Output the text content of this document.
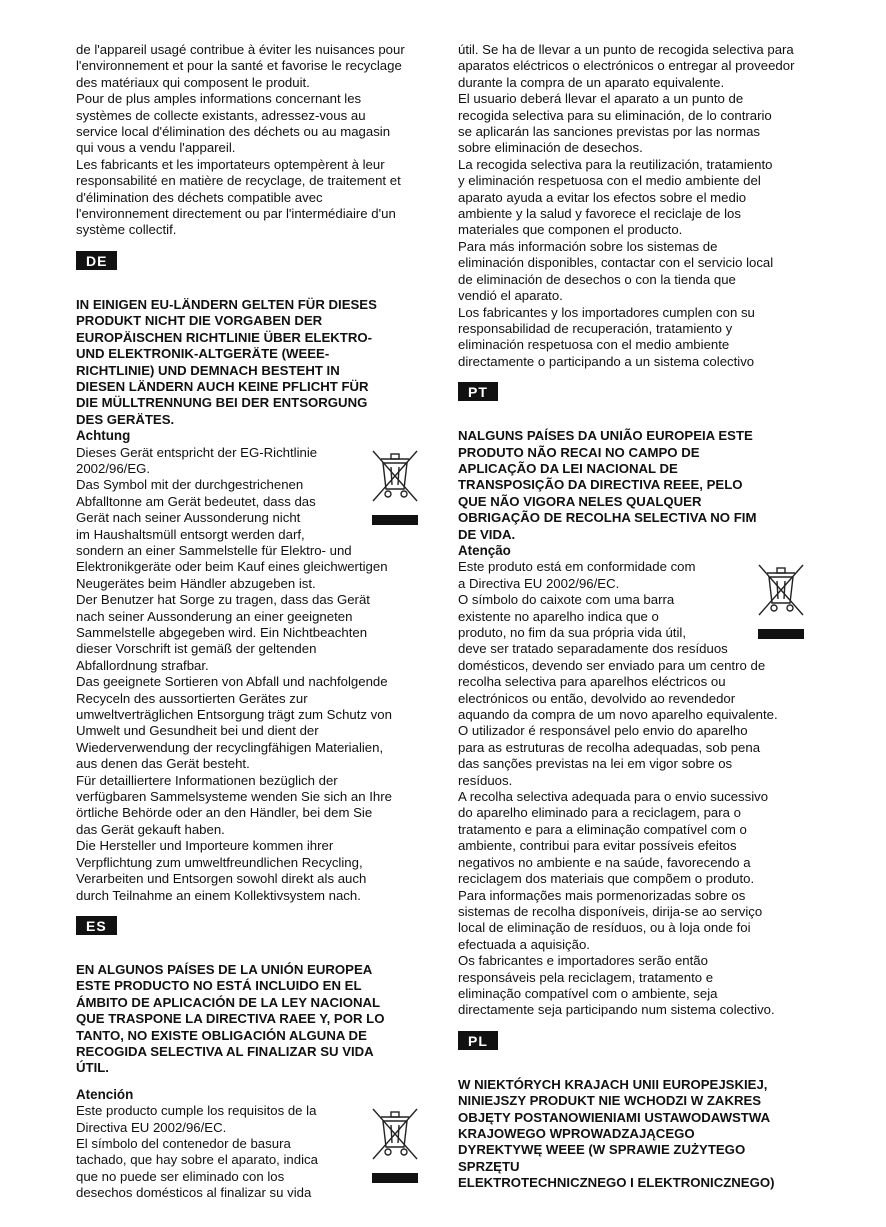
de l'appareil usagé contribue à éviter les nuisances pour

l'environnement et pour la santé et favorise le recyclage

des matériaux qui composent le produit.

Pour de plus amples informations concernant les

systèmes de collecte existants, adressez-vous au

service local d'élimination des déchets ou au magasin

qui vous a vendu l'appareil.

Les fabricants et les importateurs optempèrent à leur

responsabilité en matière de recyclage, de traitement et

d'élimination des déchets compatible avec

l'environnement directement ou par l'intermédiaire d'un

système collectif.

DE

IN EINIGEN EU-LÄNDERN GELTEN FÜR DIESES

PRODUKT NICHT DIE VORGABEN DER

EUROPÄISCHEN RICHTLINIE ÜBER ELEKTRO-

UND ELEKTRONIK-ALTGERÄTE (WEEE-

RICHTLINIE) UND DEMNACH BESTEHT IN

DIESEN LÄNDERN AUCH KEINE PFLICHT FÜR

DIE MÜLLTRENNUNG BEI DER ENTSORGUNG

DES GERÄTES.

Achtung

Dieses Gerät entspricht der EG-Richtlinie

2002/96/EG.

Das Symbol mit der durchgestrichenen

Abfalltonne am Gerät bedeutet, dass das

Gerät nach seiner Aussonderung nicht

im Haushaltsmüll entsorgt werden darf,

sondern an einer Sammelstelle für Elektro- und

Elektronikgeräte oder beim Kauf eines gleichwertigen

Neugerätes beim Händler abzugeben ist.

Der Benutzer hat Sorge zu tragen, dass das Gerät

nach seiner Aussonderung an einer geeigneten

Sammelstelle abgegeben wird. Ein Nichtbeachten

dieser Vorschrift ist gemäß der geltenden

Abfallordnung strafbar.

Das geeignete Sortieren von Abfall und nachfolgende

Recyceln des aussortierten Gerätes zur

umweltverträglichen Entsorgung trägt zum Schutz von

Umwelt und Gesundheit bei und dient der

Wiederverwendung der recyclingfähigen Materialien,

aus denen das Gerät besteht.

Für detailliertere Informationen bezüglich der

verfügbaren Sammelsysteme wenden Sie sich an Ihre

örtliche Behörde oder an den Händler, bei dem Sie

das Gerät gekauft haben.

Die Hersteller und Importeure kommen ihrer

Verpflichtung zum umweltfreundlichen Recycling,

Verarbeiten und Entsorgen sowohl direkt als auch

durch Teilnahme an einem Kollektivsystem nach.

ES

EN ALGUNOS PAÍSES DE LA UNIÓN EUROPEA

ESTE PRODUCTO NO ESTÁ INCLUIDO EN EL

ÁMBITO DE APLICACIÓN DE LA LEY NACIONAL

QUE TRASPONE LA DIRECTIVA RAEE Y, POR LO

TANTO, NO EXISTE OBLIGACIÓN ALGUNA DE

RECOGIDA SELECTIVA AL FINALIZAR SU VIDA

ÚTIL.

Atención

Este producto cumple los requisitos de la

Directiva EU 2002/96/EC.

El símbolo del contenedor de basura

tachado, que hay sobre el aparato, indica

que no puede ser eliminado con los

desechos domésticos al finalizar su vida

útil. Se ha de llevar a un punto de recogida selectiva para

aparatos eléctricos o electrónicos o entregar al proveedor

durante la compra de un aparato equivalente.

El usuario deberá llevar el aparato a un punto de

recogida selectiva para su eliminación, de lo contrario

se aplicarán las sanciones previstas por las normas

sobre eliminación de desechos.

La recogida selectiva para la reutilización, tratamiento

y eliminación respetuosa con el medio ambiente del

aparato ayuda a evitar los efectos sobre el medio

ambiente y la salud y favorece el reciclaje de los

materiales que componen el producto.

Para más información sobre los sistemas de

eliminación disponibles, contactar con el servicio local

de eliminación de desechos o con la tienda que

vendió el aparato.

Los fabricantes y los importadores cumplen con su

responsabilidad de recuperación, tratamiento y

eliminación respetuosa con el medio ambiente

directamente o participando a un sistema colectivo

PT

NALGUNS PAÍSES DA UNIÃO EUROPEIA ESTE

PRODUTO NÃO RECAI NO CAMPO DE

APLICAÇÃO DA LEI NACIONAL DE

TRANSPOSIÇÃO DA DIRECTIVA REEE, PELO

QUE NÃO VIGORA NELES QUALQUER

OBRIGAÇÃO DE RECOLHA SELECTIVA NO FIM

DE VIDA.

Atenção

Este produto está em conformidade com

a Directiva EU 2002/96/EC.

O símbolo do caixote com uma barra

existente no aparelho indica que o

produto, no fim da sua própria vida útil,

deve ser tratado separadamente dos resíduos

domésticos, devendo ser enviado para um centro de

recolha selectiva para aparelhos eléctricos ou

electrónicos ou então, devolvido ao revendedor

aquando da compra de um novo aparelho equivalente.

O utilizador é responsável pelo envio do aparelho

para as estruturas de recolha adequadas, sob pena

das sanções previstas na lei em vigor sobre os

resíduos.

A recolha selectiva adequada para o envio sucessivo

do aparelho eliminado para a reciclagem, para o

tratamento e para a eliminação compatível com o

ambiente, contribui para evitar possíveis efeitos

negativos no ambiente e na saúde, favorecendo a

reciclagem dos materiais que compõem o produto.

Para informações mais pormenorizadas sobre os

sistemas de recolha disponíveis, dirija-se ao serviço

local de eliminação de resíduos, ou à loja onde foi

efectuada a aquisição.

Os fabricantes e importadores serão então

responsáveis pela reciclagem, tratamento e

eliminação compatível com o ambiente, seja

directamente seja participando num sistema colectivo.

PL

W NIEKTÓRYCH KRAJACH UNII EUROPEJSKIEJ,

NINIEJSZY PRODUKT NIE WCHODZI W ZAKRES

OBJĘTY POSTANOWIENIAMI USTAWODAWSTWA

KRAJOWEGO WPROWADZAJĄCEGO

DYREKTYWĘ WEEE (W SPRAWIE ZUŻYTEGO

SPRZĘTU

ELEKTROTECHNICZNEGO I ELEKTRONICZNEGO)
